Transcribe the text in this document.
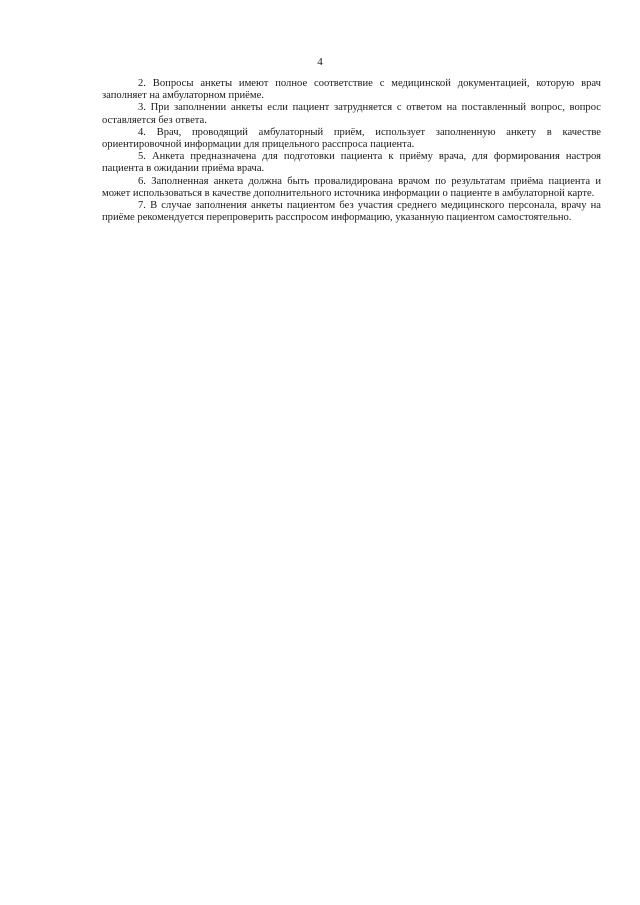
4

2. Вопросы анкеты имеют полное соответствие с медицинской документацией, которую врач заполняет на амбулаторном приёме.

3. При заполнении анкеты если пациент затрудняется с ответом на поставленный вопрос, вопрос оставляется без ответа.

4. Врач, проводящий амбулаторный приём, использует заполненную анкету в качестве ориентировочной информации для прицельного расспроса пациента.

5. Анкета предназначена для подготовки пациента к приёму врача, для формирования настроя пациента в ожидании приёма врача.

6. Заполненная анкета должна быть провалидирована врачом по результатам приёма пациента и может использоваться в качестве дополнительного источника информации о пациенте в амбулаторной карте.

7. В случае заполнения анкеты пациентом без участия среднего медицинского персонала, врачу на приёме рекомендуется перепроверить расспросом информацию, указанную пациентом самостоятельно.
